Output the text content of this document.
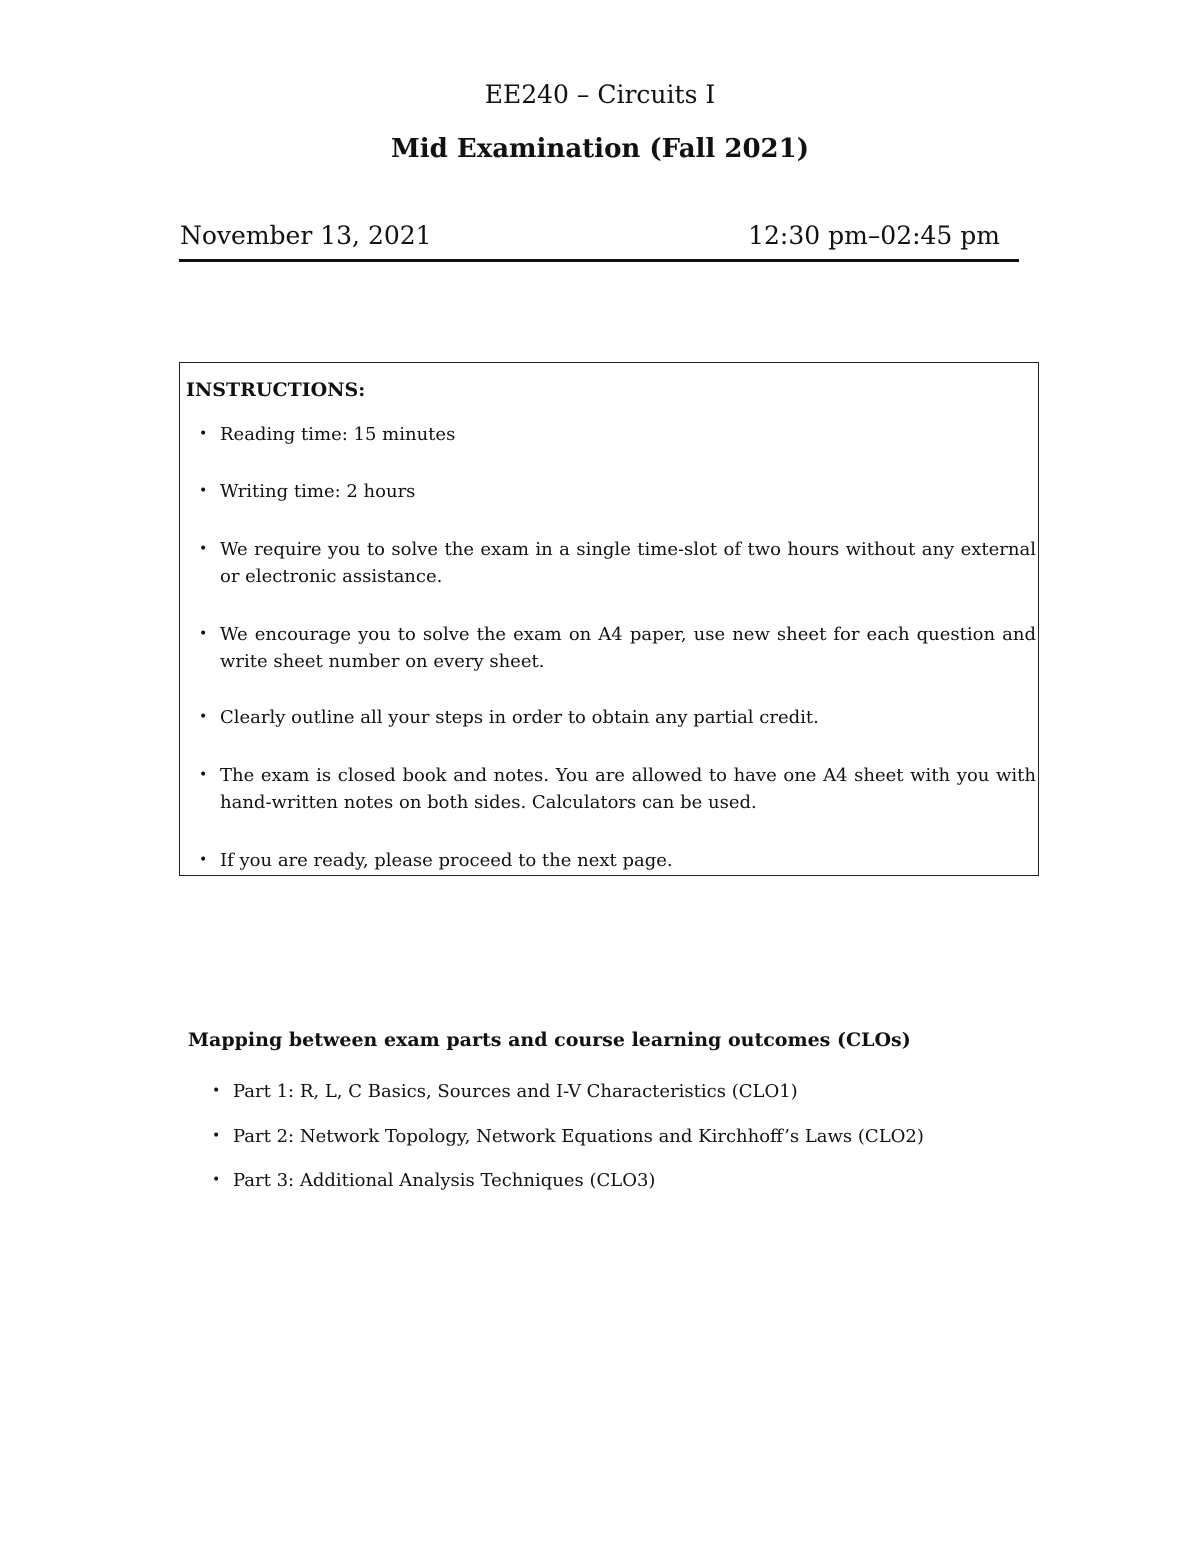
EE240 – Circuits I
Mid Examination (Fall 2021)
November 13, 2021	12:30 pm–02:45 pm
INSTRUCTIONS:
• Reading time: 15 minutes
• Writing time: 2 hours
• We require you to solve the exam in a single time-slot of two hours without any external or electronic assistance.
• We encourage you to solve the exam on A4 paper, use new sheet for each question and write sheet number on every sheet.
• Clearly outline all your steps in order to obtain any partial credit.
• The exam is closed book and notes. You are allowed to have one A4 sheet with you with hand-written notes on both sides. Calculators can be used.
• If you are ready, please proceed to the next page.
Mapping between exam parts and course learning outcomes (CLOs)
• Part 1: R, L, C Basics, Sources and I-V Characteristics (CLO1)
• Part 2: Network Topology, Network Equations and Kirchhoff’s Laws (CLO2)
• Part 3: Additional Analysis Techniques (CLO3)
